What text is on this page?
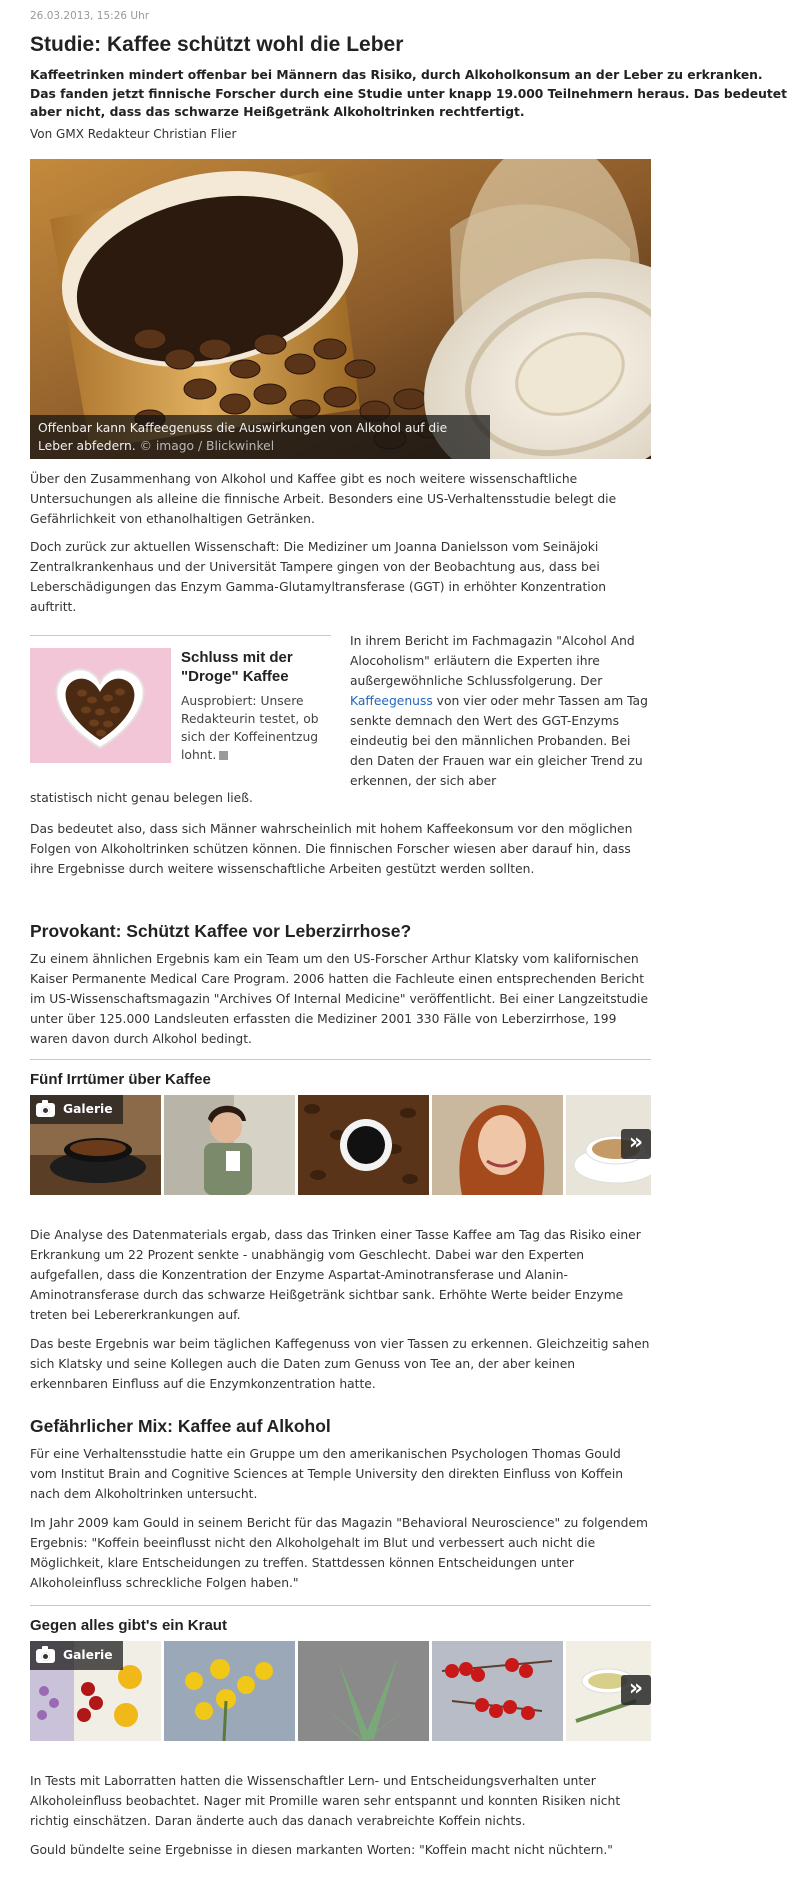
26.03.2013, 15:26 Uhr
Studie: Kaffee schützt wohl die Leber

Kaffeetrinken mindert offenbar bei Männern das Risiko, durch Alkoholkonsum an der Leber zu erkranken. Das fanden jetzt finnische Forscher durch eine Studie unter knapp 19.000 Teilnehmern heraus. Das bedeutet aber nicht, dass das schwarze Heißgetränk Alkoholtrinken rechtfertigt.

Von GMX Redakteur Christian Flier
Offenbar kann Kaffeegenuss die Auswirkungen von Alkohol auf die Leber abfedern. © imago / Blickwinkel

Über den Zusammenhang von Alkohol und Kaffee gibt es noch weitere wissenschaftliche Untersuchungen als alleine die finnische Arbeit. Besonders eine US-Verhaltensstudie belegt die Gefährlichkeit von ethanolhaltigen Getränken.

Doch zurück zur aktuellen Wissenschaft: Die Mediziner um Joanna Danielsson vom Seinäjoki Zentralkrankenhaus und der Universität Tampere gingen von der Beobachtung aus, dass bei Leberschädigungen das Enzym Gamma-Glutamyltransferase (GGT) in erhöhter Konzentration auftritt.

Schluss mit der "Droge" Kaffee
Ausprobiert: Unsere Redakteurin testet, ob sich der Koffeinentzug lohnt.

In ihrem Bericht im Fachmagazin "Alcohol And Alocoholism" erläutern die Experten ihre außergewöhnliche Schlussfolgerung. Der Kaffeegenuss von vier oder mehr Tassen am Tag senkte demnach den Wert des GGT-Enzyms eindeutig bei den männlichen Probanden. Bei den Daten der Frauen war ein gleicher Trend zu erkennen, der sich aber

statistisch nicht genau belegen ließ.

Das bedeutet also, dass sich Männer wahrscheinlich mit hohem Kaffeekonsum vor den möglichen Folgen von Alkoholtrinken schützen können. Die finnischen Forscher wiesen aber darauf hin, dass ihre Ergebnisse durch weitere wissenschaftliche Arbeiten gestützt werden sollten.

Provokant: Schützt Kaffee vor Leberzirrhose?

Zu einem ähnlichen Ergebnis kam ein Team um den US-Forscher Arthur Klatsky vom kalifornischen Kaiser Permanente Medical Care Program. 2006 hatten die Fachleute einen entsprechenden Bericht im US-Wissenschaftsmagazin "Archives Of Internal Medicine" veröffentlicht. Bei einer Langzeitstudie unter über 125.000 Landsleuten erfassten die Mediziner 2001 330 Fälle von Leberzirrhose, 199 waren davon durch Alkohol bedingt.

Fünf Irrtümer über Kaffee
Galerie
»

Die Analyse des Datenmaterials ergab, dass das Trinken einer Tasse Kaffee am Tag das Risiko einer Erkrankung um 22 Prozent senkte - unabhängig vom Geschlecht. Dabei war den Experten aufgefallen, dass die Konzentration der Enzyme Aspartat-Aminotransferase und Alanin-Aminotransferase durch das schwarze Heißgetränk sichtbar sank. Erhöhte Werte beider Enzyme treten bei Lebererkrankungen auf.

Das beste Ergebnis war beim täglichen Kaffegenuss von vier Tassen zu erkennen. Gleichzeitig sahen sich Klatsky und seine Kollegen auch die Daten zum Genuss von Tee an, der aber keinen erkennbaren Einfluss auf die Enzymkonzentration hatte.

Gefährlicher Mix: Kaffee auf Alkohol

Für eine Verhaltensstudie hatte ein Gruppe um den amerikanischen Psychologen Thomas Gould vom Institut Brain and Cognitive Sciences at Temple University den direkten Einfluss von Koffein nach dem Alkoholtrinken untersucht.

Im Jahr 2009 kam Gould in seinem Bericht für das Magazin "Behavioral Neuroscience" zu folgendem Ergebnis: "Koffein beeinflusst nicht den Alkoholgehalt im Blut und verbessert auch nicht die Möglichkeit, klare Entscheidungen zu treffen. Stattdessen können Entscheidungen unter Alkoholeinfluss schreckliche Folgen haben."

Gegen alles gibt's ein Kraut
Galerie
»

In Tests mit Laborratten hatten die Wissenschaftler Lern- und Entscheidungsverhalten unter Alkoholeinfluss beobachtet. Nager mit Promille waren sehr entspannt und konnten Risiken nicht richtig einschätzen. Daran änderte auch das danach verabreichte Koffein nichts.

Gould bündelte seine Ergebnisse in diesen markanten Worten: "Koffein macht nicht nüchtern."
